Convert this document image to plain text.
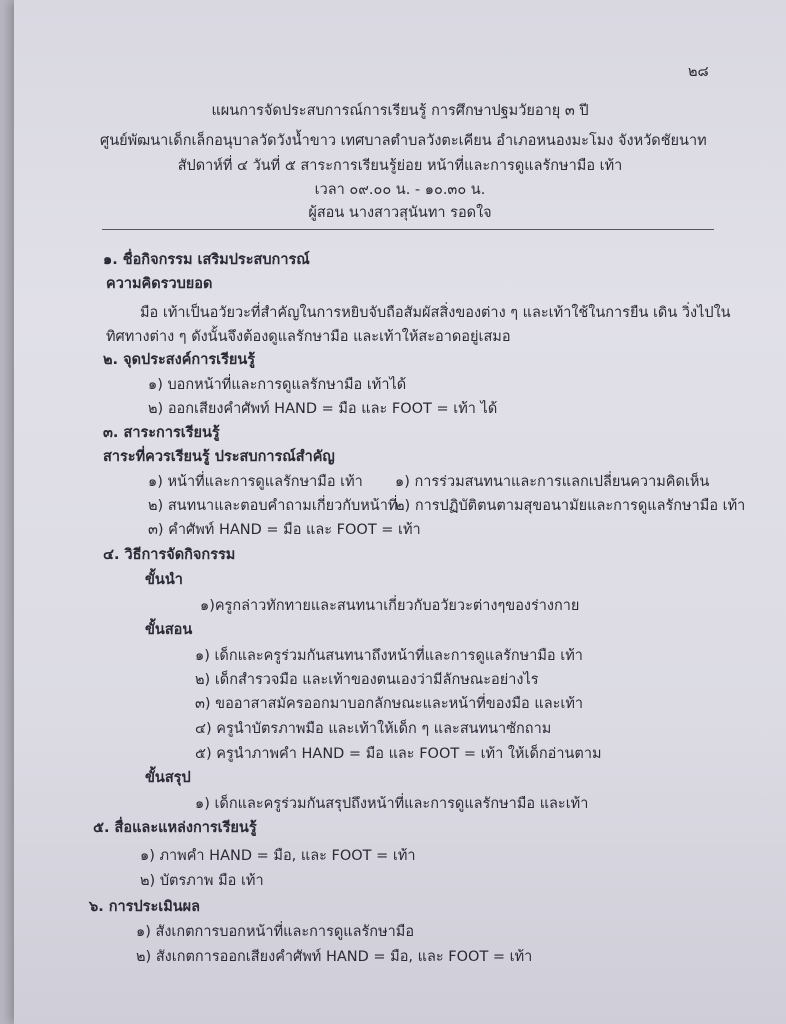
๒๘
แผนการจัดประสบการณ์การเรียนรู้ การศึกษาปฐมวัยอายุ ๓ ปี
ศูนย์พัฒนาเด็กเล็กอนุบาลวัดวังน้ำขาว เทศบาลตำบลวังตะเคียน อำเภอหนองมะโมง จังหวัดชัยนาท
สัปดาห์ที่ ๔ วันที่ ๕ สาระการเรียนรู้ย่อย หน้าที่และการดูแลรักษามือ เท้า
เวลา ๐๙.๐๐ น. - ๑๐.๓๐ น.
ผู้สอน นางสาวสุนันทา รอดใจ
๑. ชื่อกิจกรรม เสริมประสบการณ์
ความคิดรวบยอด
มือ เท้าเป็นอวัยวะที่สำคัญในการหยิบจับถือสัมผัสสิ่งของต่าง ๆ และเท้าใช้ในการยืน เดิน วิ่งไปใน
ทิศทางต่าง ๆ ดังนั้นจึงต้องดูแลรักษามือ และเท้าให้สะอาดอยู่เสมอ
๒. จุดประสงค์การเรียนรู้
๑) บอกหน้าที่และการดูแลรักษามือ เท้าได้
๒) ออกเสียงคำศัพท์ HAND = มือ และ FOOT = เท้า ได้
๓. สาระการเรียนรู้
สาระที่ควรเรียนรู้ ประสบการณ์สำคัญ
๑) หน้าที่และการดูแลรักษามือ เท้า ๑) การร่วมสนทนาและการแลกเปลี่ยนความคิดเห็น
๒) สนทนาและตอบคำถามเกี่ยวกับหน้าที่
๒) การปฏิบัติตนตามสุขอนามัยและการดูแลรักษามือ เท้า
๓) คำศัพท์ HAND = มือ และ FOOT = เท้า
๔. วิธีการจัดกิจกรรม
ขั้นนำ
๑)ครูกล่าวทักทายและสนทนาเกี่ยวกับอวัยวะต่างๆของร่างกาย
ขั้นสอน
๑) เด็กและครูร่วมกันสนทนาถึงหน้าที่และการดูแลรักษามือ เท้า
๒) เด็กสำรวจมือ และเท้าของตนเองว่ามีลักษณะอย่างไร
๓) ขออาสาสมัครออกมาบอกลักษณะและหน้าที่ของมือ และเท้า
๔) ครูนำบัตรภาพมือ และเท้าให้เด็ก ๆ และสนทนาซักถาม
๕) ครูนำภาพคำ HAND = มือ และ FOOT = เท้า ให้เด็กอ่านตาม
ขั้นสรุป
๑) เด็กและครูร่วมกันสรุปถึงหน้าที่และการดูแลรักษามือ และเท้า
๕. สื่อและแหล่งการเรียนรู้
๑) ภาพคำ HAND = มือ, และ FOOT = เท้า
๒) บัตรภาพ มือ เท้า
๖. การประเมินผล
๑) สังเกตการบอกหน้าที่และการดูแลรักษามือ
๒) สังเกตการออกเสียงคำศัพท์ HAND = มือ, และ FOOT = เท้า
